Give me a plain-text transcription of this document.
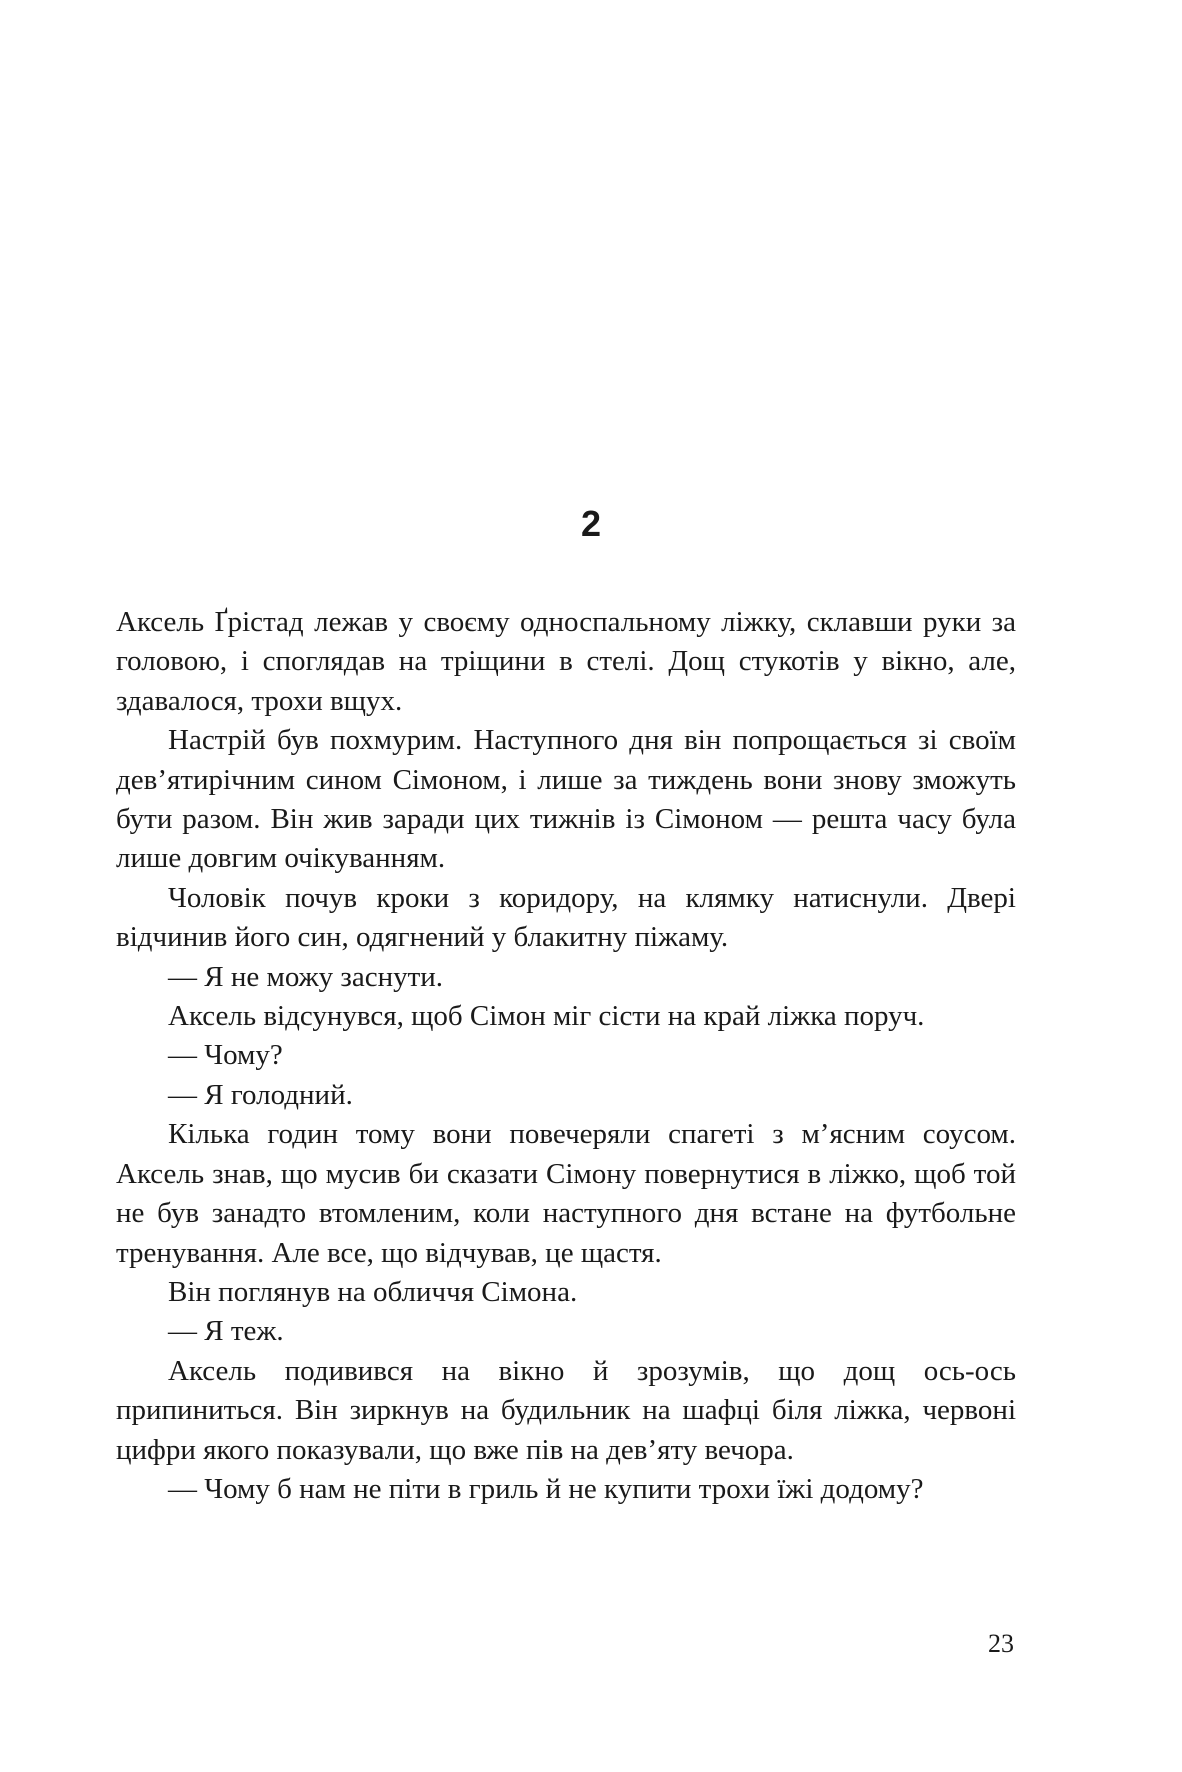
2

Аксель Ґрістад лежав у своєму односпальному ліжку, склавши руки за головою, і споглядав на тріщини в стелі. Дощ стукотів у вікно, але, здавалося, трохи вщух.

Настрій був похмурим. Наступного дня він попрощається зі своїм дев’ятирічним сином Сімоном, і лише за тиждень вони знову зможуть бути разом. Він жив заради цих тижнів із Сімоном — решта часу була лише довгим очікуванням.

Чоловік почув кроки з коридору, на клямку натиснули. Двері відчинив його син, одягнений у блакитну піжаму.

— Я не можу заснути.

Аксель відсунувся, щоб Сімон міг сісти на край ліжка поруч.

— Чому?

— Я голодний.

Кілька годин тому вони повечеряли спагеті з м’ясним соусом. Аксель знав, що мусив би сказати Сімону повернутися в ліжко, щоб той не був занадто втомленим, коли наступного дня встане на футбольне тренування. Але все, що відчував, це щастя.

Він поглянув на обличчя Сімона.

— Я теж.

Аксель подивився на вікно й зрозумів, що дощ ось-ось припиниться. Він зиркнув на будильник на шафці біля ліжка, червоні цифри якого показували, що вже пів на дев’яту вечора.

— Чому б нам не піти в гриль й не купити трохи їжі додому?

23
